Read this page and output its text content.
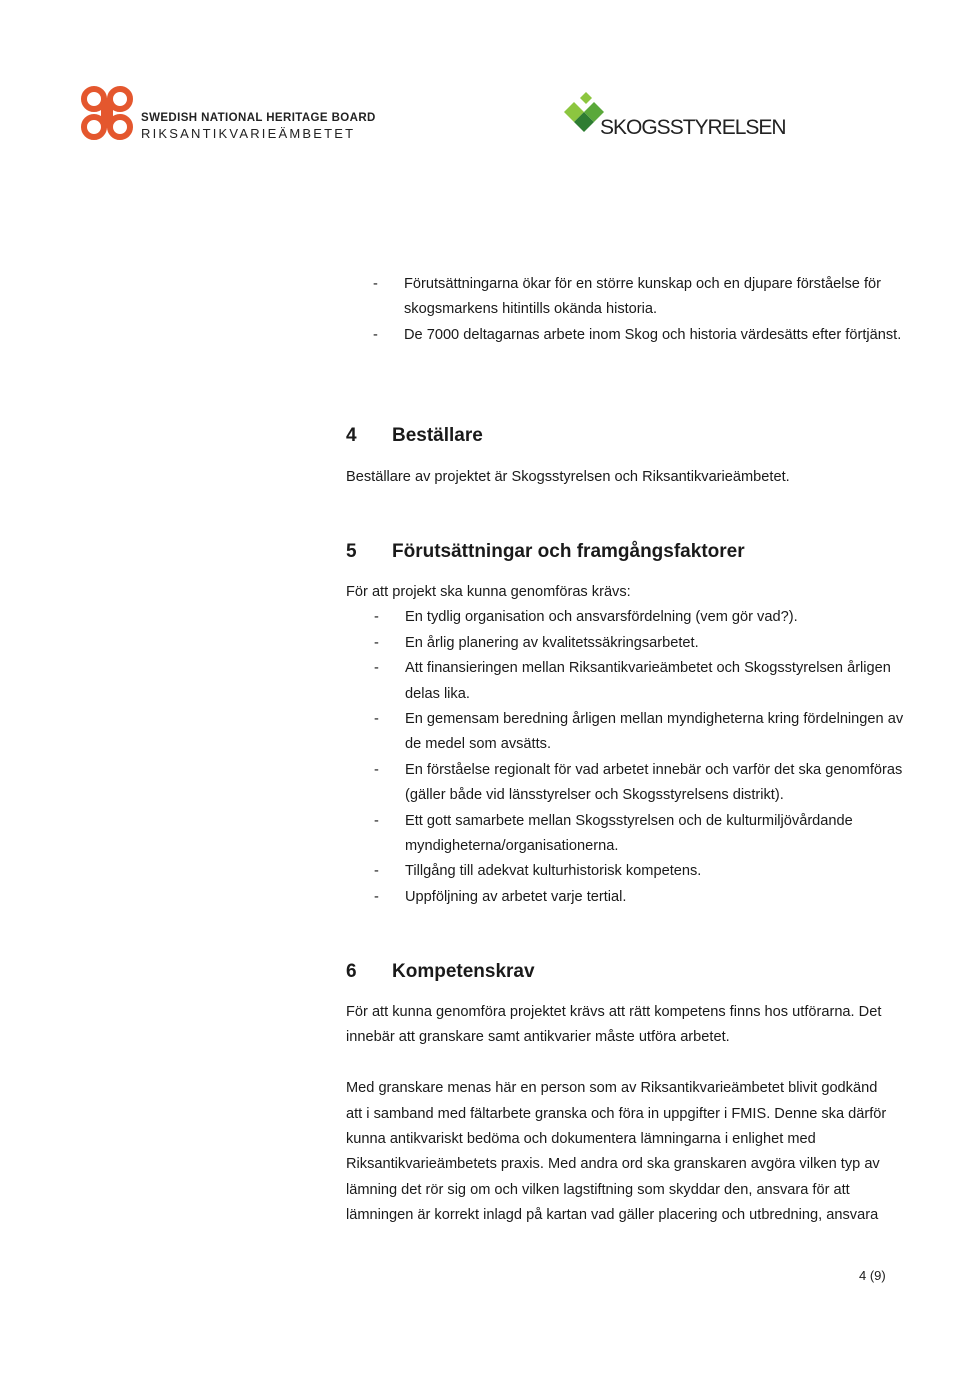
SWEDISH NATIONAL HERITAGE BOARD
RIKSANTIKVARIEÄMBETET	SKOGSSTYRELSEN
- Förutsättningarna ökar för en större kunskap och en djupare förståelse för skogsmarkens hitintills okända historia.
- De 7000 deltagarnas arbete inom Skog och historia värdesätts efter förtjänst.
4 Beställare

Beställare av projektet är Skogsstyrelsen och Riksantikvarieämbetet.

5 Förutsättningar och framgångsfaktorer

För att projekt ska kunna genomföras krävs:

- En tydlig organisation och ansvarsfördelning (vem gör vad?).
- En årlig planering av kvalitetssäkringsarbetet.
- Att finansieringen mellan Riksantikvarieämbetet och Skogsstyrelsen årligen delas lika.
- En gemensam beredning årligen mellan myndigheterna kring fördelningen av de medel som avsätts.
- En förståelse regionalt för vad arbetet innebär och varför det ska genomföras (gäller både vid länsstyrelser och Skogsstyrelsens distrikt).
- Ett gott samarbete mellan Skogsstyrelsen och de kulturmiljövårdande myndigheterna/organisationerna.
- Tillgång till adekvat kulturhistorisk kompetens.
- Uppföljning av arbetet varje tertial.
6 Kompetenskrav

För att kunna genomföra projektet krävs att rätt kompetens finns hos utförarna. Det innebär att granskare samt antikvarier måste utföra arbetet.

Med granskare menas här en person som av Riksantikvarieämbetet blivit godkänd att i samband med fältarbete granska och föra in uppgifter i FMIS. Denne ska därför kunna antikvariskt bedöma och dokumentera lämningarna i enlighet med Riksantikvarieämbetets praxis. Med andra ord ska granskaren avgöra vilken typ av lämning det rör sig om och vilken lagstiftning som skyddar den, ansvara för att lämningen är korrekt inlagd på kartan vad gäller placering och utbredning, ansvara

4 (9)
